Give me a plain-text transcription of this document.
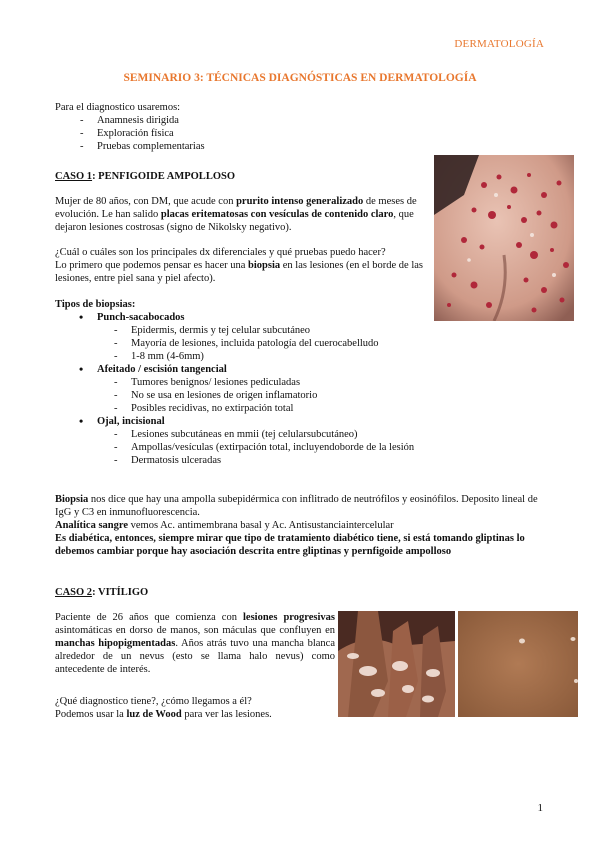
DERMATOLOGÍA
SEMINARIO 3: TÉCNICAS DIAGNÓSTICAS EN DERMATOLOGÍA

Para el diagnostico usaremos:

- Anamnesis dirigida
- Exploración física
- Pruebas complementarias
CASO 1: PENFIGOIDE AMPOLLOSO

Mujer de 80 años, con DM, que acude con prurito intenso generalizado de meses de evolución. Le han salido placas eritematosas con vesículas de contenido claro, que dejaron lesiones costrosas (signo de Nikolsky negativo).

¿Cuál o cuáles son los principales dx diferenciales y qué pruebas puedo hacer?

Lo primero que podemos pensar es hacer una biopsia en las lesiones (en el borde de las lesiones, entre piel sana y piel afecto).

Tipos de biopsias:

• Punch-sacabocados
- Epidermis, dermis y tej celular subcutáneo
- Mayoría de lesiones, incluida patología del cuerocabelludo
- 1-8 mm (4-6mm)
• Afeitado / escisión tangencial
- Tumores benignos/ lesiones pediculadas
- No se usa en lesiones de origen inflamatorio
- Posibles recidivas, no extirpación total
• Ojal, incisional
- Lesiones subcutáneas en mmii (tej celularsubcutáneo)
- Ampollas/vesículas (extirpación total, incluyendoborde de la lesión
- Dermatosis ulceradas

Biopsia nos dice que hay una ampolla subepidérmica con inflitrado de neutrófilos y eosinófilos. Deposito lineal de IgG y C3 en inmunofluorescencia.

Analítica sangre vemos Ac. antimembrana basal y Ac. Antisustanciaintercelular

Es diabética, entonces, siempre mirar que tipo de tratamiento diabético tiene, si está tomando gliptinas lo debemos cambiar porque hay asociación descrita entre gliptinas y pernfigoide ampolloso

CASO 2: VITÍLIGO

Paciente de 26 años que comienza con lesiones progresivas asintomáticas en dorso de manos, son máculas que confluyen en manchas hipopigmentadas. Años atrás tuvo una mancha blanca alrededor de un nevus (esto se llama halo nevus) como antecedente de interés.

¿Qué diagnostico tiene?, ¿cómo llegamos a él?

Podemos usar la luz de Wood para ver las lesiones.

1
